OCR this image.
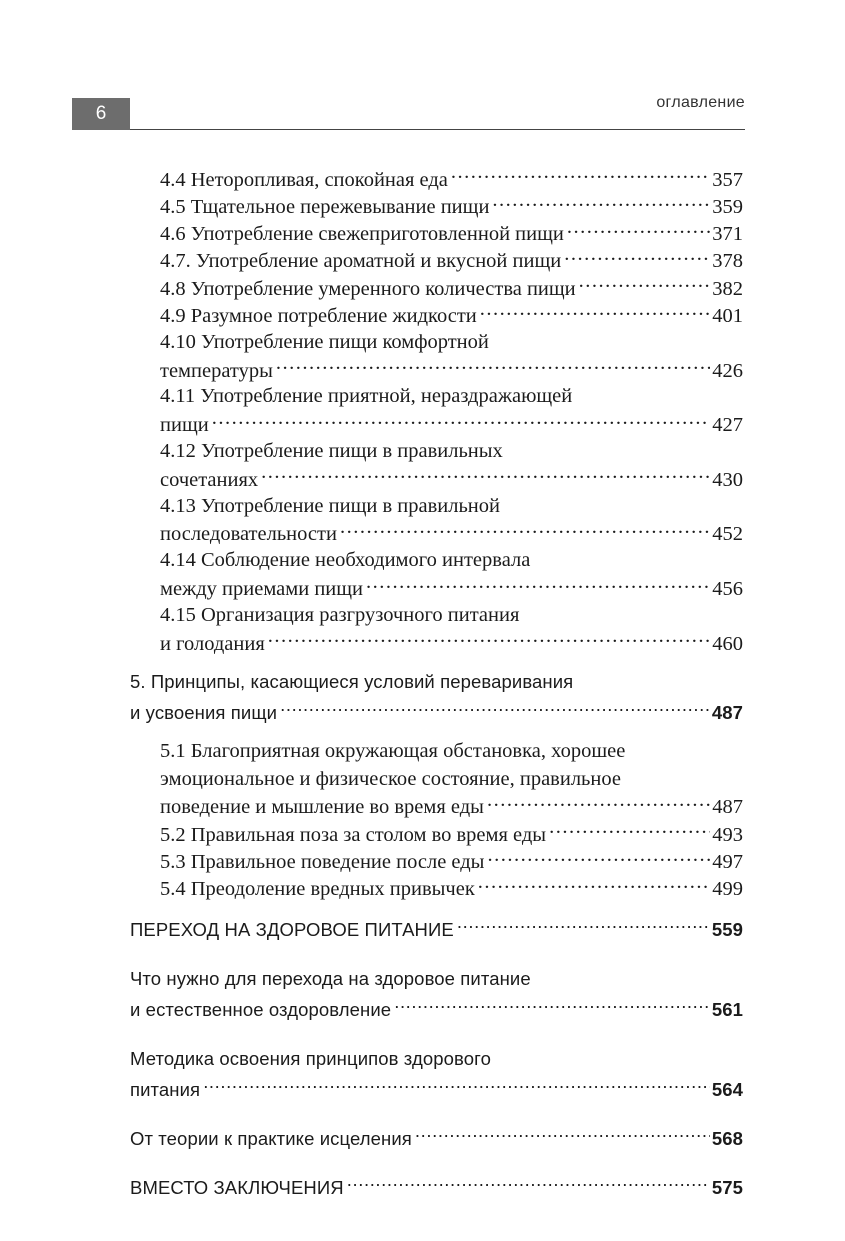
6
оглавление
4.4 Неторопливая, спокойная еда .....	357
4.5 Тщательное пережевывание пищи .....	359
4.6 Употребление свежеприготовленной пищи .....	371
4.7. Употребление ароматной и вкусной пищи .....	378
4.8 Употребление умеренного количества пищи .....	382
4.9 Разумное потребление жидкости .....	401
4.10 Употребление пищи комфортной
температуры .....	426
4.11 Употребление приятной, нераздражающей
пищи .....	427
4.12 Употребление пищи в правильных
сочетаниях .....	430
4.13 Употребление пищи в правильной
последовательности .....	452
4.14 Соблюдение необходимого интервала
между приемами пищи .....	456
4.15 Организация разгрузочного питания
и голодания .....	460
5. Принципы, касающиеся условий переваривания
и усвоения пищи .....	487
5.1 Благоприятная окружающая обстановка, хорошее
эмоциональное и физическое состояние, правильное
поведение и мышление во время еды .....	487
5.2 Правильная поза за столом во время еды .....	493
5.3 Правильное поведение после еды .....	497
5.4 Преодоление вредных привычек .....	499
ПЕРЕХОД НА ЗДОРОВОЕ ПИТАНИЕ .....	559
Что нужно для перехода на здоровое питание
и естественное оздоровление .....	561
Методика освоения принципов здорового
питания .....	564
От теории к практике исцеления .....	568
ВМЕСТО ЗАКЛЮЧЕНИЯ .....	575
